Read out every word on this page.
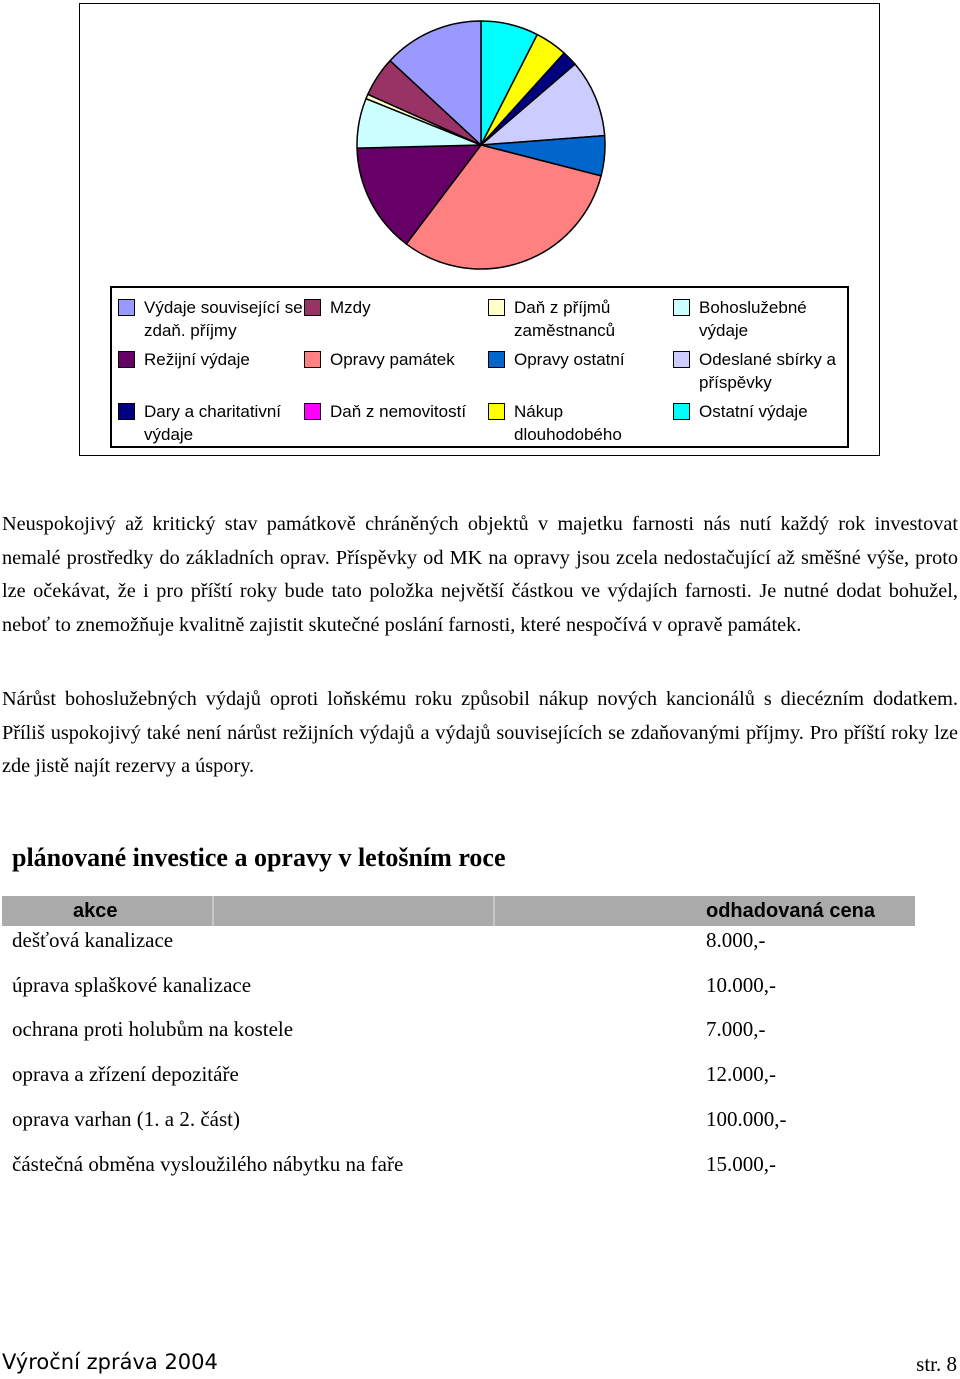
Výdaje související se zdaň. příjmy
Mzdy	Daň z příjmů zaměstnanců
Bohoslužebné výdaje
Režijní výdaje	Opravy památek	Opravy ostatní	Odeslané sbírky a příspěvky
Dary a charitativní výdaje
Daň z nemovitostí	Nákup dlouhodobého
Ostatní výdaje

Neuspokojivý až kritický stav památkově chráněných objektů v majetku farnosti nás nutí každý rok investovat nemalé prostředky do základních oprav. Příspěvky od MK na opravy jsou zcela nedostačující až směšné výše, proto lze očekávat, že i pro příští roky bude tato položka největší částkou ve výdajích farnosti. Je nutné dodat bohužel, neboť to znemožňuje kvalitně zajistit skutečné poslání farnosti, které nespočívá v opravě památek.

Nárůst bohoslužebných výdajů oproti loňskému roku způsobil nákup nových kancionálů s diecézním dodatkem. Příliš uspokojivý také není nárůst režijních výdajů a výdajů souvisejících se zdaňovanými příjmy. Pro příští roky lze zde jistě najít rezervy a úspory.

plánované investice a opravy v letošním roce
akce	odhadovaná cena
dešťová kanalizace	8.000,-
úprava splaškové kanalizace	10.000,-
ochrana proti holubům na kostele	7.000,-
oprava a zřízení depozitáře	12.000,-
oprava varhan (1. a 2. část)	100.000,-
částečná obměna vysloužilého nábytku na faře	15.000,-
Výroční zpráva 2004	str. 8
